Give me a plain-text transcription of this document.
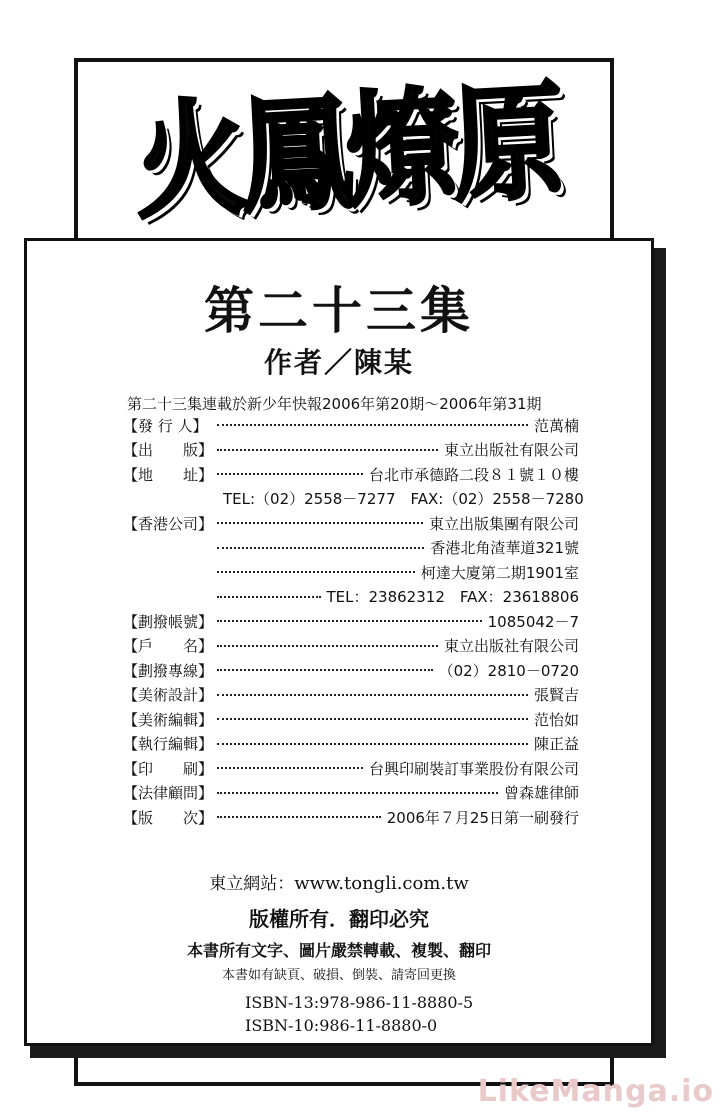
火鳳燎原
第二十三集
作者／陳某
第二十三集連載於新少年快報2006年第20期～2006年第31期
【發 行 人】	范萬楠
【出　　版】	東立出版社有限公司
【地　　址】	台北市承德路二段８１號１０樓
TEL:（02）2558－7277　FAX:（02）2558－7280
【香港公司】	東立出版集團有限公司
香港北角渣華道321號
柯達大廈第二期1901室
TEL：23862312　FAX：23618806
【劃撥帳號】	1085042－7
【戶　　名】	東立出版社有限公司
【劃撥專線】	（02）2810－0720
【美術設計】	張賢吉
【美術編輯】	范怡如
【執行編輯】	陳正益
【印　　刷】	台興印刷裝訂事業股份有限公司
【法律顧問】	曾森雄律師
【版　　次】	2006年７月25日第一刷發行
東立網站：www.tongli.com.tw
版權所有．翻印必究
本書所有文字、圖片嚴禁轉載、複製、翻印
本書如有缺頁、破損、倒裝、請寄回更換
ISBN-13:978-986-11-8880-5
ISBN-10:986-11-8880-0
LikeManga.io
